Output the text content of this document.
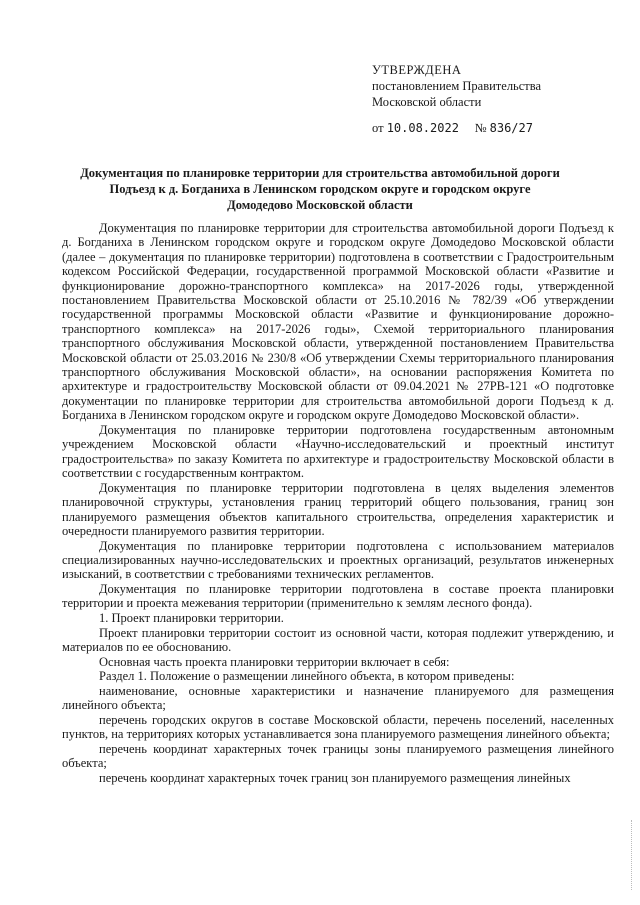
УТВЕРЖДЕНА
постановлением Правительства
Московской области
от 10.08.2022 № 836/27
Документация по планировке территории для строительства автомобильной дороги
Подъезд к д. Богданиха в Ленинском городском округе и городском округе
Домодедово Московской области

Документация по планировке территории для строительства автомобильной дороги Подъезд к д. Богданиха в Ленинском городском округе и городском округе Домодедово Московской области (далее – документация по планировке территории) подготовлена в соответствии с Градостроительным кодексом Российской Федерации, государственной программой Московской области «Развитие и функционирование дорожно-транспортного комплекса» на 2017-2026 годы, утвержденной постановлением Правительства Московской области от 25.10.2016 № 782/39 «Об утверждении государственной программы Московской области «Развитие и функционирование дорожно-транспортного комплекса» на 2017-2026 годы», Схемой территориального планирования транспортного обслуживания Московской области, утвержденной постановлением Правительства Московской области от 25.03.2016 № 230/8 «Об утверждении Схемы территориального планирования транспортного обслуживания Московской области», на основании распоряжения Комитета по архитектуре и градостроительству Московской области от 09.04.2021 № 27РВ-121 «О подготовке документации по планировке территории для строительства автомобильной дороги Подъезд к д. Богданиха в Ленинском городском округе и городском округе Домодедово Московской области».

Документация по планировке территории подготовлена государственным автономным учреждением Московской области «Научно-исследовательский и проектный институт градостроительства» по заказу Комитета по архитектуре и градостроительству Московской области в соответствии с государственным контрактом.

Документация по планировке территории подготовлена в целях выделения элементов планировочной структуры, установления границ территорий общего пользования, границ зон планируемого размещения объектов капитального строительства, определения характеристик и очередности планируемого развития территории.

Документация по планировке территории подготовлена с использованием материалов специализированных научно-исследовательских и проектных организаций, результатов инженерных изысканий, в соответствии с требованиями технических регламентов.

Документация по планировке территории подготовлена в составе проекта планировки территории и проекта межевания территории (применительно к землям лесного фонда).

1. Проект планировки территории.

Проект планировки территории состоит из основной части, которая подлежит утверждению, и материалов по ее обоснованию.

Основная часть проекта планировки территории включает в себя:

Раздел 1. Положение о размещении линейного объекта, в котором приведены:

наименование, основные характеристики и назначение планируемого для размещения линейного объекта;

перечень городских округов в составе Московской области, перечень поселений, населенных пунктов, на территориях которых устанавливается зона планируемого размещения линейного объекта;

перечень координат характерных точек границы зоны планируемого размещения линейного объекта;

перечень координат характерных точек границ зон планируемого размещения линейных
